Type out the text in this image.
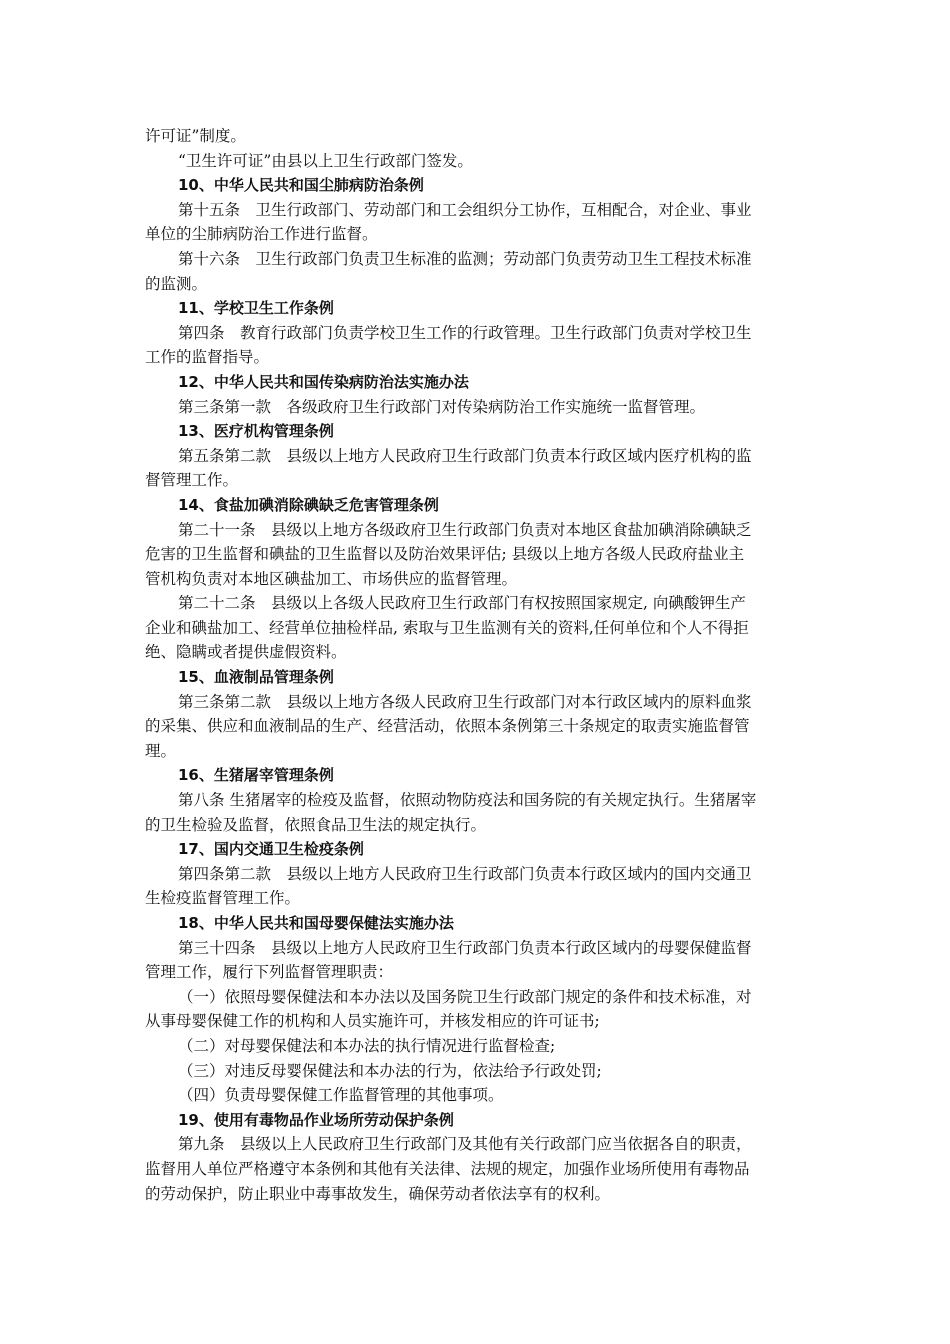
许可证”制度。
“卫生许可证”由县以上卫生行政部门签发。
10、中华人民共和国尘肺病防治条例
第十五条　卫生行政部门、劳动部门和工会组织分工协作，互相配合，对企业、事业
单位的尘肺病防治工作进行监督。
第十六条　卫生行政部门负责卫生标准的监测；劳动部门负责劳动卫生工程技术标准
的监测。
11、学校卫生工作条例
第四条　教育行政部门负责学校卫生工作的行政管理。卫生行政部门负责对学校卫生
工作的监督指导。
12、中华人民共和国传染病防治法实施办法
第三条第一款　各级政府卫生行政部门对传染病防治工作实施统一监督管理。
13、医疗机构管理条例
第五条第二款　县级以上地方人民政府卫生行政部门负责本行政区域内医疗机构的监
督管理工作。
14、食盐加碘消除碘缺乏危害管理条例
第二十一条　县级以上地方各级政府卫生行政部门负责对本地区食盐加碘消除碘缺乏
危害的卫生监督和碘盐的卫生监督以及防治效果评估; 县级以上地方各级人民政府盐业主
管机构负责对本地区碘盐加工、市场供应的监督管理。
第二十二条　县级以上各级人民政府卫生行政部门有权按照国家规定, 向碘酸钾生产
企业和碘盐加工、经营单位抽检样品, 索取与卫生监测有关的资料,任何单位和个人不得拒
绝、隐瞒或者提供虚假资料。
15、血液制品管理条例
第三条第二款　县级以上地方各级人民政府卫生行政部门对本行政区域内的原料血浆
的采集、供应和血液制品的生产、经营活动，依照本条例第三十条规定的取责实施监督管
理。
16、生猪屠宰管理条例
第八条 生猪屠宰的检疫及监督，依照动物防疫法和国务院的有关规定执行。生猪屠宰
的卫生检验及监督，依照食品卫生法的规定执行。
17、国内交通卫生检疫条例
第四条第二款　县级以上地方人民政府卫生行政部门负责本行政区域内的国内交通卫
生检疫监督管理工作。
18、中华人民共和国母婴保健法实施办法
第三十四条　县级以上地方人民政府卫生行政部门负责本行政区域内的母婴保健监督
管理工作，履行下列监督管理职责：
（一）依照母婴保健法和本办法以及国务院卫生行政部门规定的条件和技术标准，对
从事母婴保健工作的机构和人员实施许可，并核发相应的许可证书;
（二）对母婴保健法和本办法的执行情况进行监督检查;
（三）对违反母婴保健法和本办法的行为，依法给予行政处罚;
（四）负责母婴保健工作监督管理的其他事项。
19、使用有毒物品作业场所劳动保护条例
第九条　县级以上人民政府卫生行政部门及其他有关行政部门应当依据各自的职责，
监督用人单位严格遵守本条例和其他有关法律、法规的规定，加强作业场所使用有毒物品
的劳动保护，防止职业中毒事故发生，确保劳动者依法享有的权利。
